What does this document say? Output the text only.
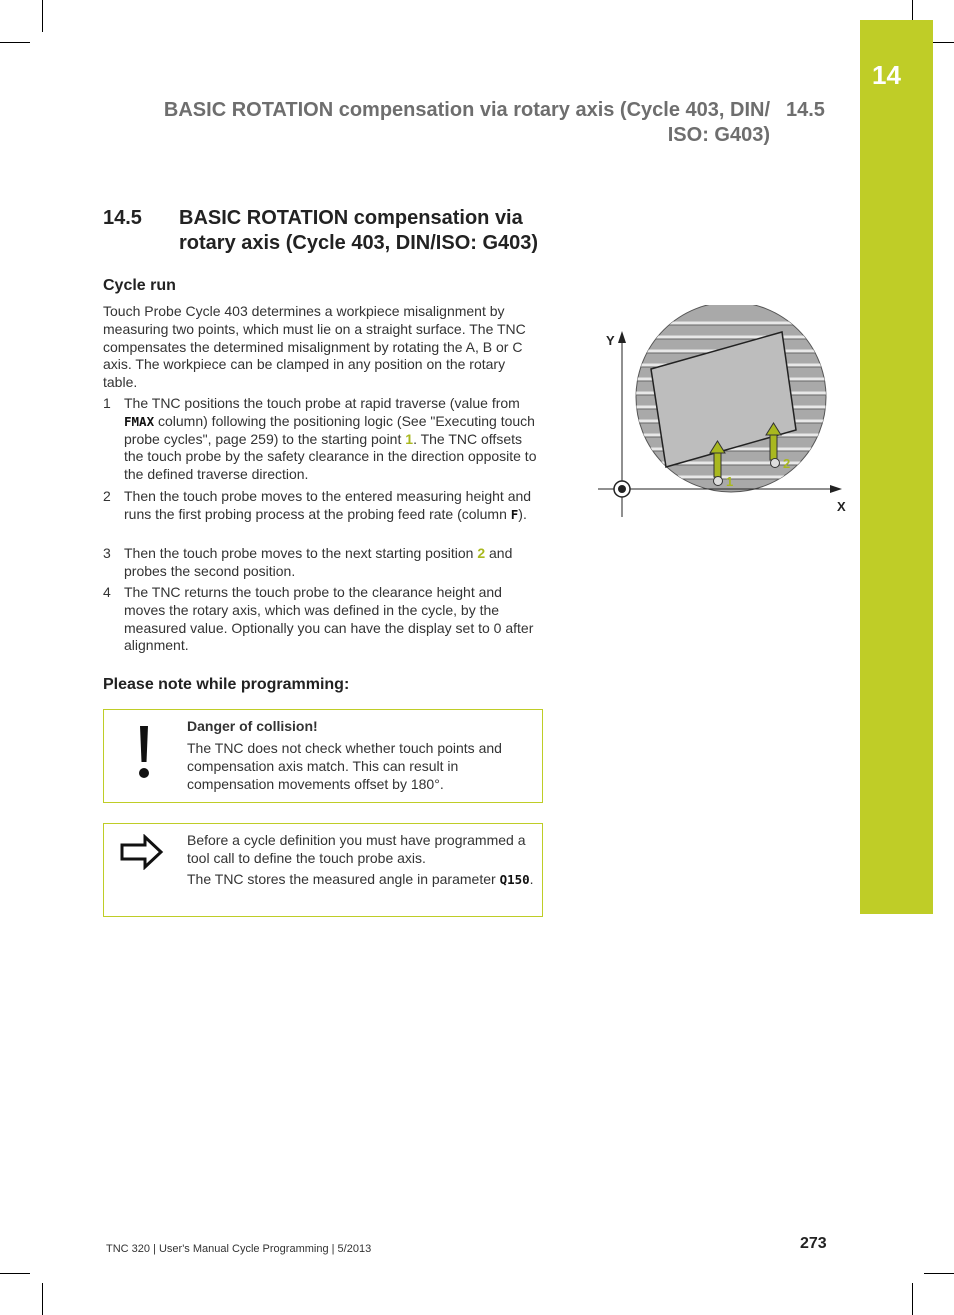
14
BASIC ROTATION compensation via rotary axis (Cycle 403, DIN/ ISO: G403)
14.5
14.5 BASIC ROTATION compensation via rotary axis (Cycle 403, DIN/ISO: G403)
Cycle run
Touch Probe Cycle 403 determines a workpiece misalignment by measuring two points, which must lie on a straight surface. The TNC compensates the determined misalignment by rotating the A, B or C axis. The workpiece can be clamped in any position on the rotary table.
1 The TNC positions the touch probe at rapid traverse (value from FMAX column) following the positioning logic (See "Executing touch probe cycles", page 259) to the starting point 1. The TNC offsets the touch probe by the safety clearance in the direction opposite to the defined traverse direction.
2 Then the touch probe moves to the entered measuring height and runs the first probing process at the probing feed rate (column F).
3 Then the touch probe moves to the next starting position 2 and probes the second position.
4 The TNC returns the touch probe to the clearance height and moves the rotary axis, which was defined in the cycle, by the measured value. Optionally you can have the display set to 0 after alignment.
Please note while programming:
Danger of collision!
The TNC does not check whether touch points and compensation axis match. This can result in compensation movements offset by 180°.
Before a cycle definition you must have programmed a tool call to define the touch probe axis.
The TNC stores the measured angle in parameter Q150.
Y
X
1
2
TNC 320 | User's Manual Cycle Programming | 5/2013	273
